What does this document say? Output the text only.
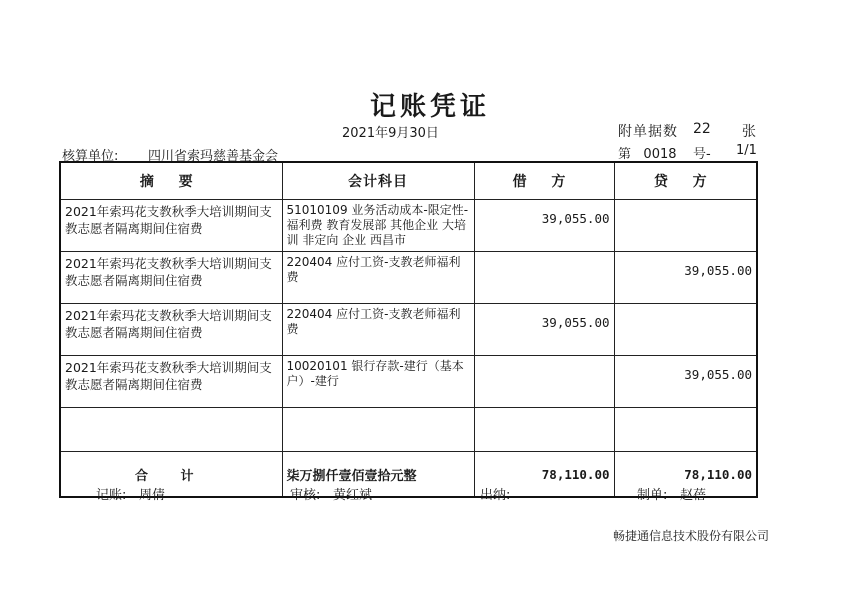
记账凭证
2021年9月30日	附单据数 22 张
核算单位: 四川省索玛慈善基金会	第 0018 号- 1/1
摘 要	会计科目	借 方	贷 方
2021年索玛花支教秋季大培训期间支教志愿者隔离期间住宿费	51010109 业务活动成本-限定性-福利费 教育发展部 其他企业 大培训 非定向 企业 西昌市	39,055.00	
2021年索玛花支教秋季大培训期间支教志愿者隔离期间住宿费	220404 应付工资-支教老师福利费		39,055.00
2021年索玛花支教秋季大培训期间支教志愿者隔离期间住宿费	220404 应付工资-支教老师福利费	39,055.00	
2021年索玛花支教秋季大培训期间支教志愿者隔离期间住宿费	10020101 银行存款-建行（基本户）-建行		39,055.00

合 计	柒万捌仟壹佰壹拾元整	78,110.00	78,110.00
记账: 周倩	审核: 黄红斌	出纳:	制单: 赵蓓
畅捷通信息技术股份有限公司
